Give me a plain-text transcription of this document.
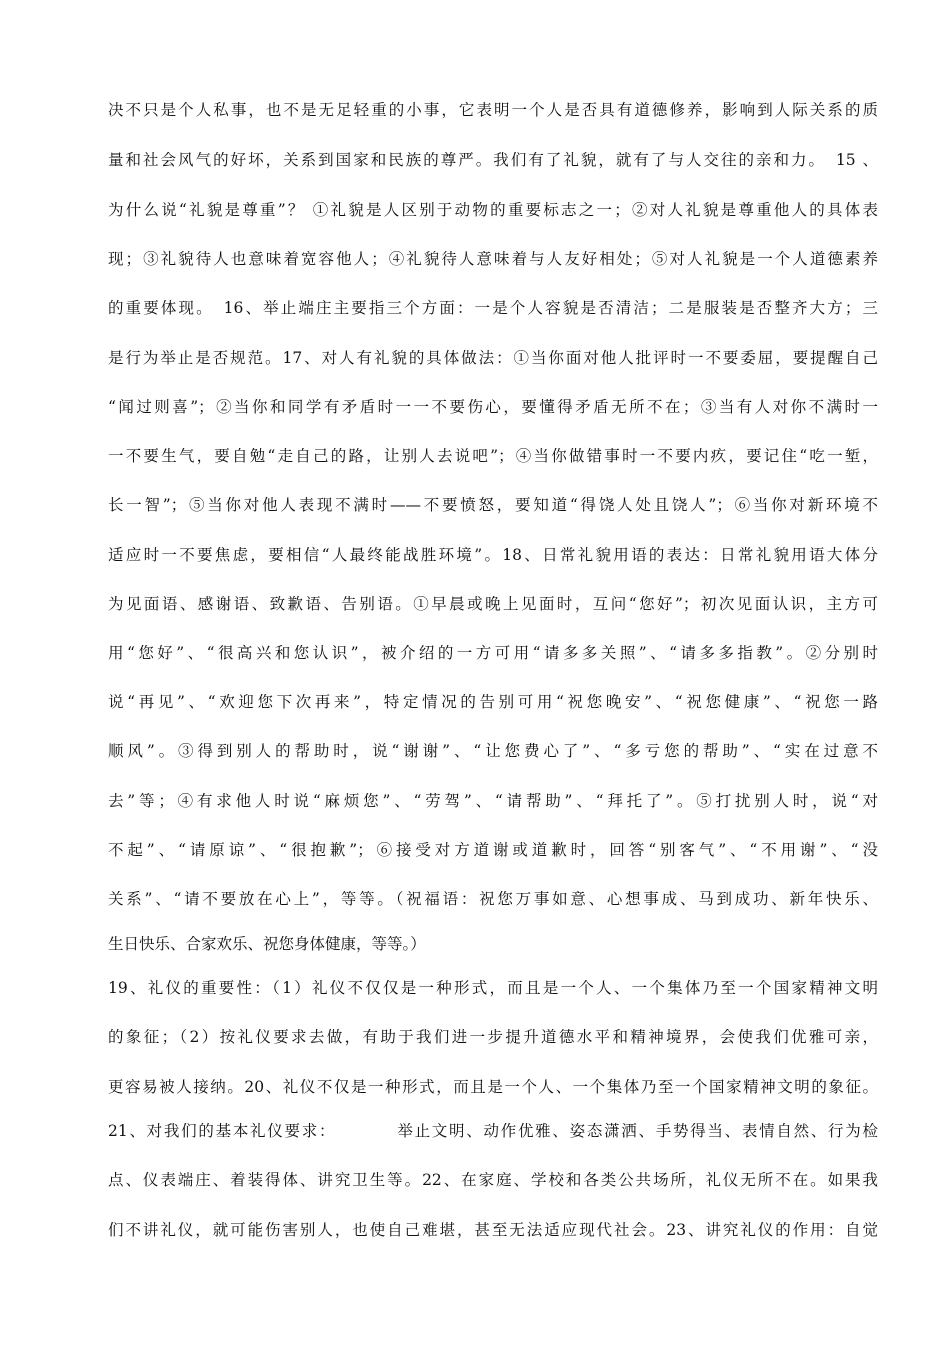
决不只是个人私事，也不是无足轻重的小事，它表明一个人是否具有道德修养，影响到人际关系的质
量和社会风气的好坏，关系到国家和民族的尊严。我们有了礼貌，就有了与人交往的亲和力。　15 、
为什么说“礼貌是尊重”？ ①礼貌是人区别于动物的重要标志之一；②对人礼貌是尊重他人的具体表
现；③礼貌待人也意味着宽容他人；④礼貌待人意味着与人友好相处；⑤对人礼貌是一个人道德素养
的重要体现。　16、举止端庄主要指三个方面：一是个人容貌是否清洁；二是服装是否整齐大方；三
是行为举止是否规范。17、对人有礼貌的具体做法：①当你面对他人批评时一不要委屈，要提醒自己
“闻过则喜”；②当你和同学有矛盾时一一不要伤心，要懂得矛盾无所不在；③当有人对你不满时一
一不要生气，要自勉“走自己的路，让别人去说吧”；④当你做错事时一不要内疚，要记住“吃一堑，
长一智”；⑤当你对他人表现不满时——不要愤怒，要知道“得饶人处且饶人”；⑥当你对新环境不
适应时一不要焦虑，要相信“人最终能战胜环境”。18、日常礼貌用语的表达：日常礼貌用语大体分
为见面语、感谢语、致歉语、告别语。①早晨或晚上见面时，互问“您好”；初次见面认识，主方可
用“您好”、“很高兴和您认识”，被介绍的一方可用“请多多关照”、“请多多指教”。②分别时
说“再见”、“欢迎您下次再来”，特定情况的告别可用“祝您晚安”、“祝您健康”、“祝您一路
顺风”。③得到别人的帮助时，说“谢谢”、“让您费心了”、“多亏您的帮助”、“实在过意不
去”等；④有求他人时说“麻烦您”、“劳驾”、“请帮助”、“拜托了”。⑤打扰别人时，说“对
不起”、“请原谅”、“很抱歉”；⑥接受对方道谢或道歉时，回答“别客气”、“不用谢”、“没
关系”、“请不要放在心上”，等等。（祝福语：祝您万事如意、心想事成、马到成功、新年快乐、
生日快乐、合家欢乐、祝您身体健康，等等。）
19、礼仪的重要性：（1）礼仪不仅仅是一种形式，而且是一个人、一个集体乃至一个国家精神文明
的象征；（2）按礼仪要求去做，有助于我们进一步提升道德水平和精神境界，会使我们优雅可亲，
更容易被人接纳。20、礼仪不仅是一种形式，而且是一个人、一个集体乃至一个国家精神文明的象征。
21、对我们的基本礼仪要求：　　　　举止文明、动作优雅、姿态潇洒、手势得当、表情自然、行为检
点、仪表端庄、着装得体、讲究卫生等。22、在家庭、学校和各类公共场所，礼仪无所不在。如果我
们不讲礼仪，就可能伤害别人，也使自己难堪，甚至无法适应现代社会。23、讲究礼仪的作用：自觉
